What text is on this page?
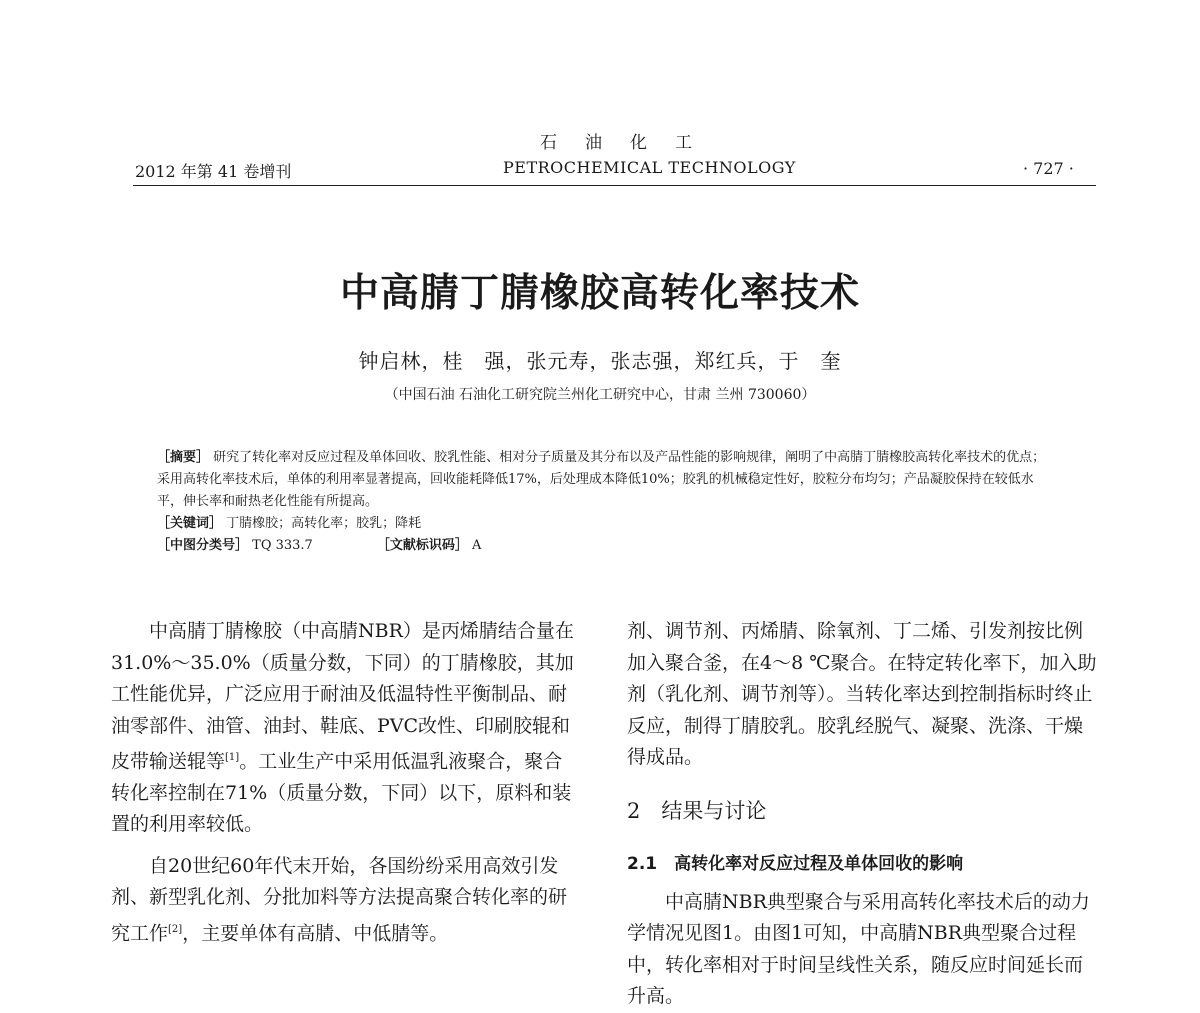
石油化工
PETROCHEMICAL TECHNOLOGY
2012 年第 41 卷增刊	· 727 ·
中高腈丁腈橡胶高转化率技术
钟启林，桂　强，张元寿，张志强，郑红兵，于　奎
（中国石油 石油化工研究院兰州化工研究中心，甘肃 兰州 730060）
［摘要］ 研究了转化率对反应过程及单体回收、胶乳性能、相对分子质量及其分布以及产品性能的影响规律，阐明了中高腈丁腈橡胶高转化率技术的优点；采用高转化率技术后，单体的利用率显著提高，回收能耗降低17%，后处理成本降低10%；胶乳的机械稳定性好，胶粒分布均匀；产品凝胶保持在较低水平，伸长率和耐热老化性能有所提高。
［关键词］ 丁腈橡胶；高转化率；胶乳；降耗
［中图分类号］ TQ 333.7	［文献标识码］ A

中高腈丁腈橡胶（中高腈NBR）是丙烯腈结合量在31.0%～35.0%（质量分数，下同）的丁腈橡胶，其加工性能优异，广泛应用于耐油及低温特性平衡制品、耐油零部件、油管、油封、鞋底、PVC改性、印刷胶辊和皮带输送辊等[1]。工业生产中采用低温乳液聚合，聚合转化率控制在71%（质量分数，下同）以下，原料和装置的利用率较低。

自20世纪60年代末开始，各国纷纷采用高效引发剂、新型乳化剂、分批加料等方法提高聚合转化率的研究工作[2]，主要单体有高腈、中低腈等。

剂、调节剂、丙烯腈、除氧剂、丁二烯、引发剂按比例加入聚合釜，在4～8 ℃聚合。在特定转化率下，加入助剂（乳化剂、调节剂等）。当转化率达到控制指标时终止反应，制得丁腈胶乳。胶乳经脱气、凝聚、洗涤、干燥得成品。

2　结果与讨论
2.1　高转化率对反应过程及单体回收的影响

中高腈NBR典型聚合与采用高转化率技术后的动力学情况见图1。由图1可知，中高腈NBR典型聚合过程中，转化率相对于时间呈线性关系，随反应时间延长而升高。
